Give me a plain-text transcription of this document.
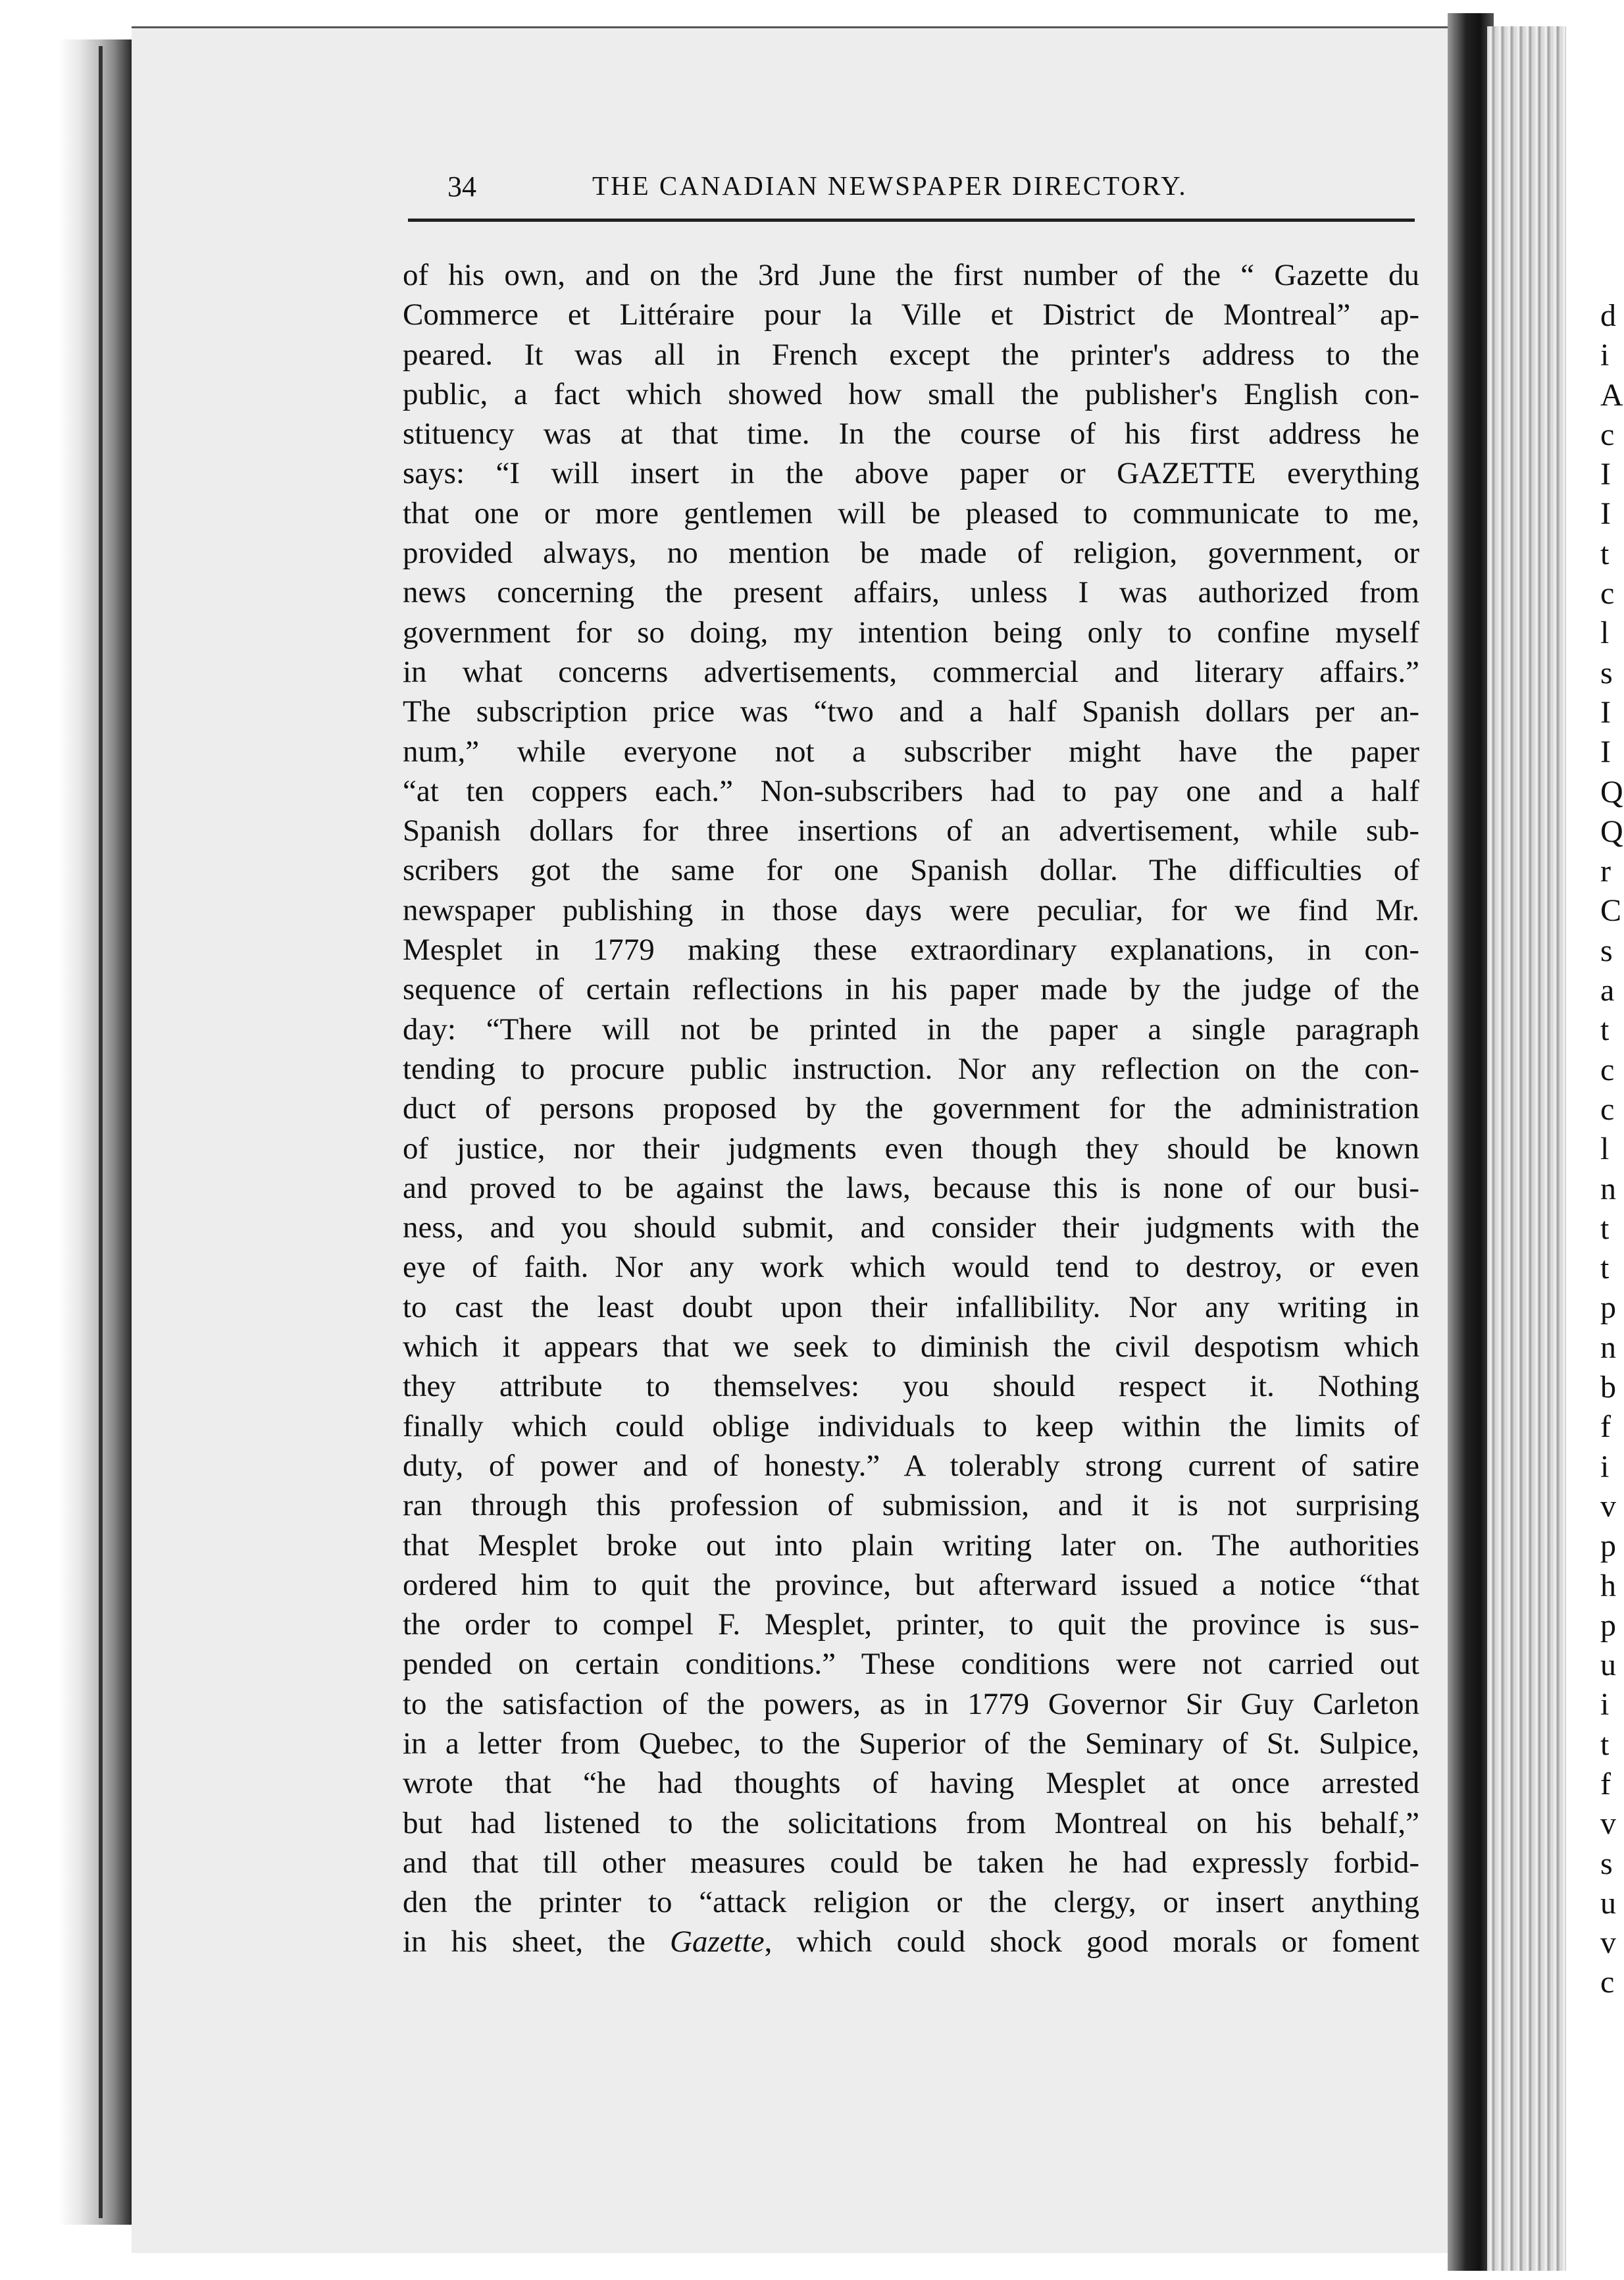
d
i
A
c
I
I
t
c
l
s
I
I
Q
Q
r
C
s
a
t
c
c
l
n
t
t
p
n
b
f
i
v
p
h
p
u
i
t
f
v
s
u
v
c
34	THE CANADIAN NEWSPAPER DIRECTORY.
of his own, and on the 3rd June the first number of the “ Gazette du
Commerce et Littéraire pour la Ville et District de Montreal” ap-
peared. It was all in French except the printer's address to the
public, a fact which showed how small the publisher's English con-
stituency was at that time. In the course of his first address he
says: “I will insert in the above paper or GAZETTE everything
that one or more gentlemen will be pleased to communicate to me,
provided always, no mention be made of religion, government, or
news concerning the present affairs, unless I was authorized from
government for so doing, my intention being only to confine myself
in what concerns advertisements, commercial and literary affairs.”
The subscription price was “two and a half Spanish dollars per an-
num,” while everyone not a subscriber might have the paper
“at ten coppers each.” Non-subscribers had to pay one and a half
Spanish dollars for three insertions of an advertisement, while sub-
scribers got the same for one Spanish dollar. The difficulties of
newspaper publishing in those days were peculiar, for we find Mr.
Mesplet in 1779 making these extraordinary explanations, in con-
sequence of certain reflections in his paper made by the judge of the
day: “There will not be printed in the paper a single paragraph
tending to procure public instruction. Nor any reflection on the con-
duct of persons proposed by the government for the administration
of justice, nor their judgments even though they should be known
and proved to be against the laws, because this is none of our busi-
ness, and you should submit, and consider their judgments with the
eye of faith. Nor any work which would tend to destroy, or even
to cast the least doubt upon their infallibility. Nor any writing in
which it appears that we seek to diminish the civil despotism which
they attribute to themselves: you should respect it. Nothing
finally which could oblige individuals to keep within the limits of
duty, of power and of honesty.” A tolerably strong current of satire
ran through this profession of submission, and it is not surprising
that Mesplet broke out into plain writing later on. The authorities
ordered him to quit the province, but afterward issued a notice “that
the order to compel F. Mesplet, printer, to quit the province is sus-
pended on certain conditions.” These conditions were not carried out
to the satisfaction of the powers, as in 1779 Governor Sir Guy Carleton
in a letter from Quebec, to the Superior of the Seminary of St. Sulpice,
wrote that “he had thoughts of having Mesplet at once arrested
but had listened to the solicitations from Montreal on his behalf,”
and that till other measures could be taken he had expressly forbid-
den the printer to “attack religion or the clergy, or insert anything
in his sheet, the Gazette, which could shock good morals or foment
